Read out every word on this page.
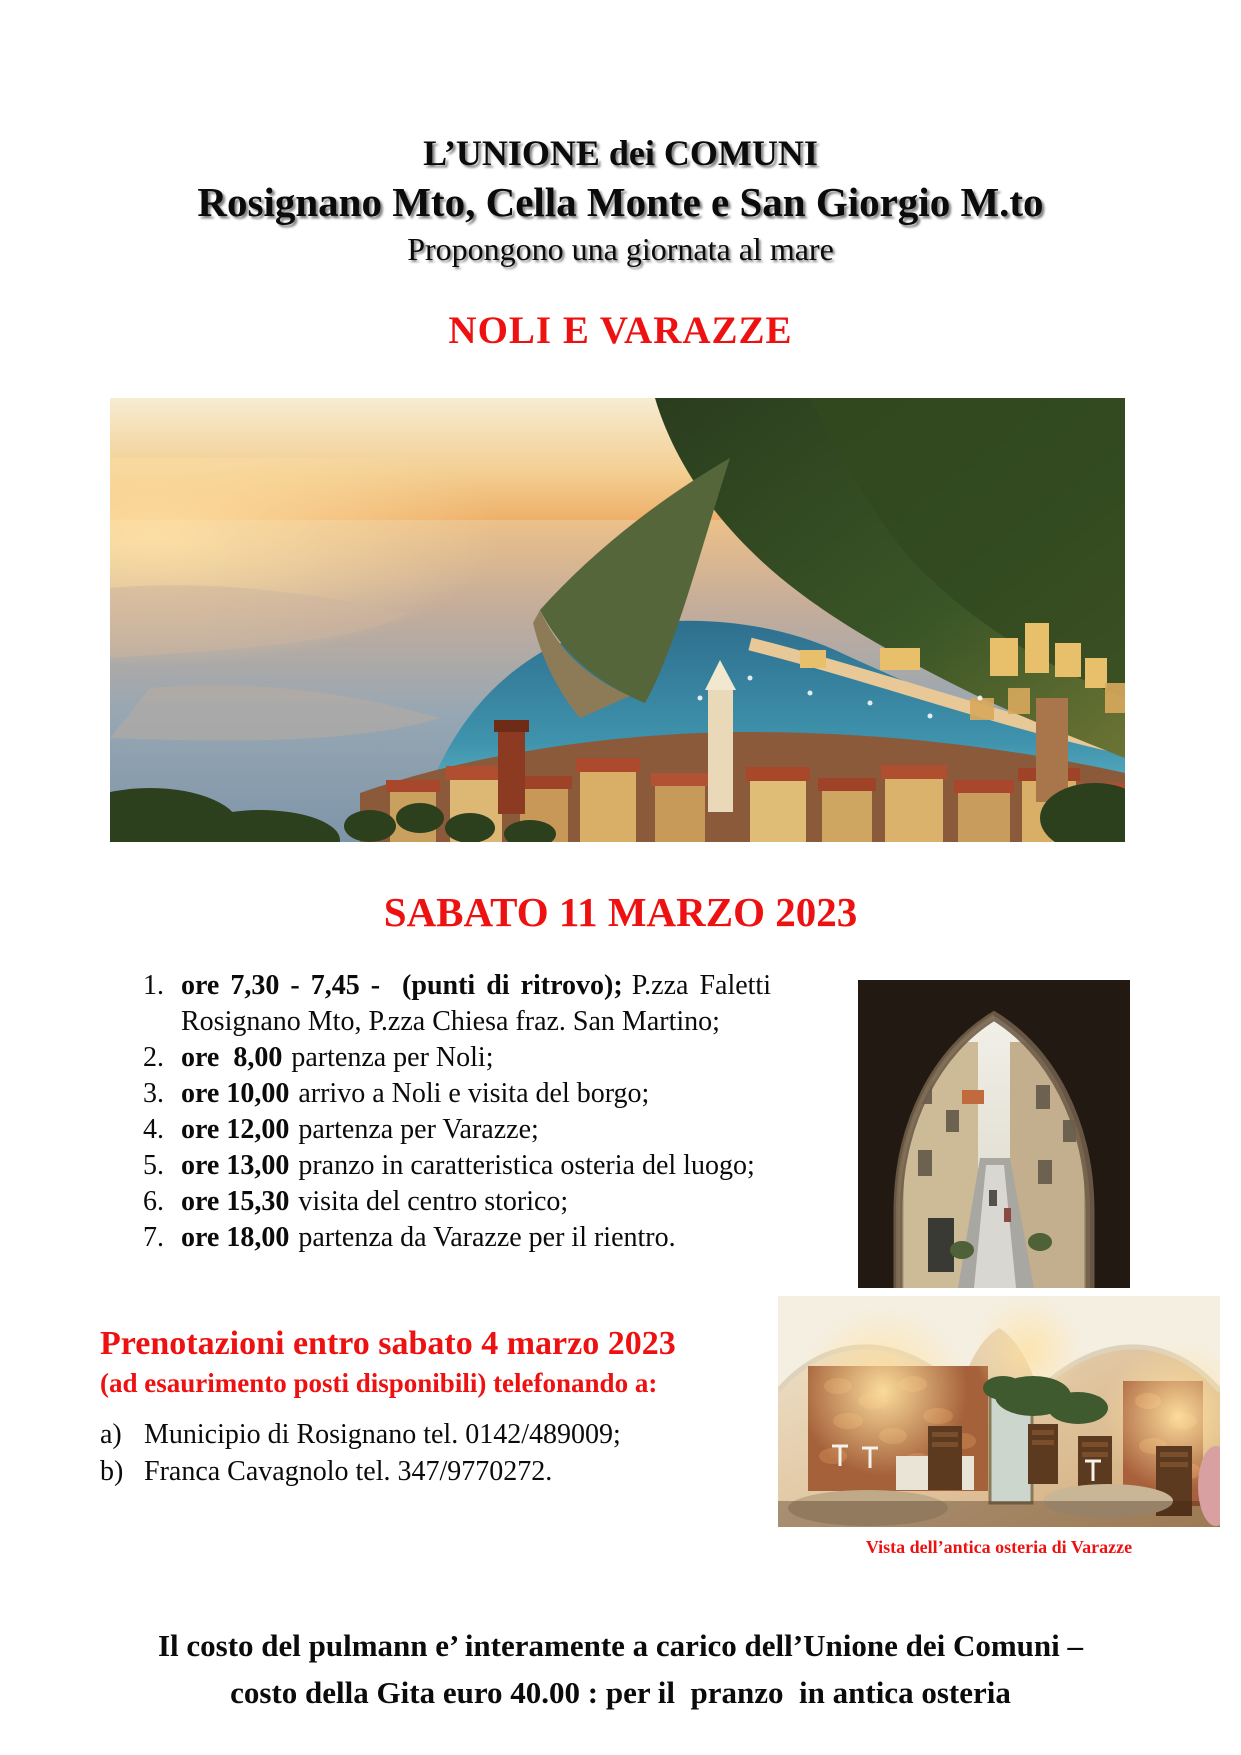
L’UNIONE dei COMUNI
Rosignano Mto, Cella Monte e San Giorgio M.to
Propongono una giornata al mare
NOLI E VARAZZE
SABATO 11 MARZO 2023
1. ore 7,30 - 7,45 -  (punti di ritrovo); P.zza Faletti Rosignano Mto, P.zza Chiesa fraz. San Martino;
2. ore  8,00 partenza per Noli;
3. ore 10,00 arrivo a Noli e visita del borgo;
4. ore 12,00 partenza per Varazze;
5. ore 13,00 pranzo in caratteristica osteria del luogo;
6. ore 15,30 visita del centro storico;
7. ore 18,00 partenza da Varazze per il rientro.
Prenotazioni entro sabato 4 marzo 2023
(ad esaurimento posti disponibili) telefonando a:
a) Municipio di Rosignano tel. 0142/489009;
b) Franca Cavagnolo tel. 347/9770272.
Vista dell’antica osteria di Varazze
Il costo del pulmann e’ interamente a carico dell’Unione dei Comuni –
costo della Gita euro 40.00 : per il  pranzo  in antica osteria
